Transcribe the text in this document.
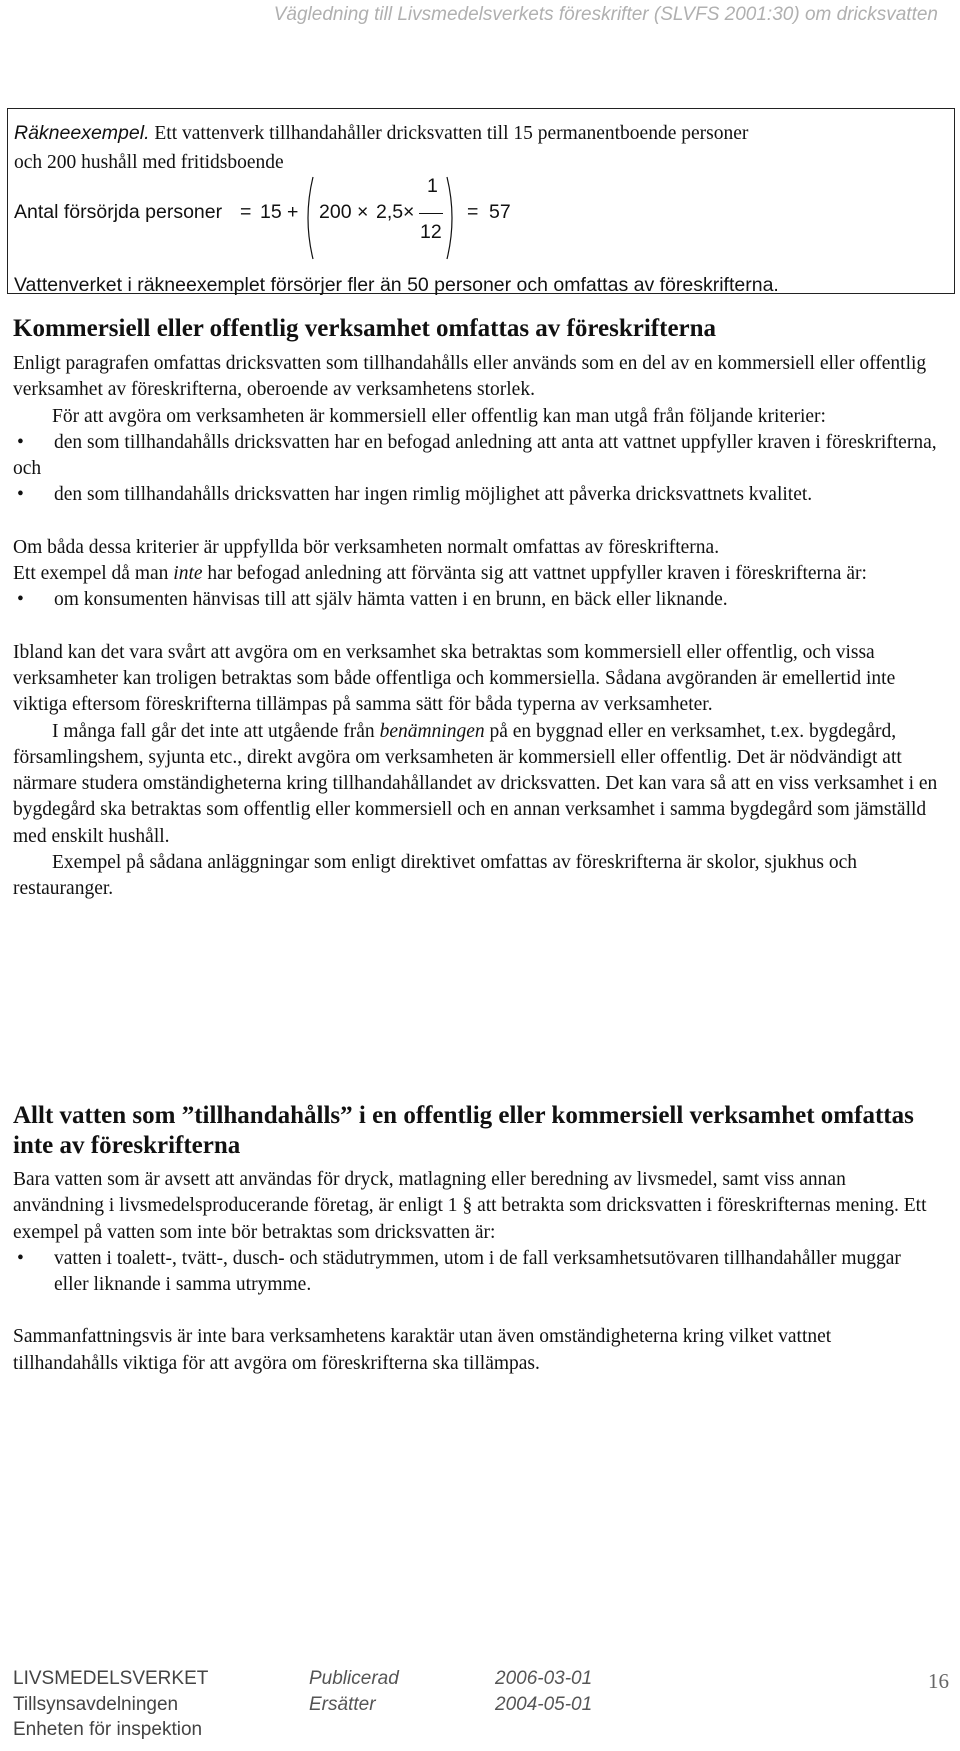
Vägledning till Livsmedelsverkets föreskrifter (SLVFS 2001:30) om dricksvatten
Räkneexempel. Ett vattenverk tillhandahåller dricksvatten till 15 permanentboende personer
och 200 hushåll med fritidsboende
Antal försörjda personer = 15 + 200 × 2,5 ×
1
12
= 57
Vattenverket i räkneexemplet försörjer fler än 50 personer och omfattas av föreskrifterna.
Kommersiell eller offentlig verksamhet omfattas av föreskrifterna

Enligt paragrafen omfattas dricksvatten som tillhandahålls eller används som en del av en kommersiell eller offentlig verksamhet av föreskrifterna, oberoende av verksamhetens storlek.

För att avgöra om verksamheten är kommersiell eller offentlig kan man utgå från följande kriterier:

• den som tillhandahålls dricksvatten har en befogad anledning att anta att vattnet uppfyller kraven i föreskrifterna,

och

• den som tillhandahålls dricksvatten har ingen rimlig möjlighet att påverka dricksvattnets kvalitet.

Om båda dessa kriterier är uppfyllda bör verksamheten normalt omfattas av föreskrifterna.

Ett exempel då man inte har befogad anledning att förvänta sig att vattnet uppfyller kraven i föreskrifterna är:

• om konsumenten hänvisas till att själv hämta vatten i en brunn, en bäck eller liknande.

Ibland kan det vara svårt att avgöra om en verksamhet ska betraktas som kommersiell eller offentlig, och vissa verksamheter kan troligen betraktas som både offentliga och kommersiella. Sådana avgöranden är emellertid inte viktiga eftersom föreskrifterna tillämpas på samma sätt för båda typerna av verksamheter.

I många fall går det inte att utgående från benämningen på en byggnad eller en verksamhet, t.ex. bygdegård, församlingshem, syjunta etc., direkt avgöra om verksamheten är kommersiell eller offentlig. Det är nödvändigt att närmare studera omständigheterna kring tillhandahållandet av dricksvatten. Det kan vara så att en viss verksamhet i en bygdegård ska betraktas som offentlig eller kommersiell och en annan verksamhet i samma bygdegård som jämställd med enskilt hushåll.

Exempel på sådana anläggningar som enligt direktivet omfattas av föreskrifterna är skolor, sjukhus och restauranger.

Allt vatten som ”tillhandahålls” i en offentlig eller kommersiell verksamhet omfattas inte av föreskrifterna

Bara vatten som är avsett att användas för dryck, matlagning eller beredning av livsmedel, samt viss annan användning i livsmedelsproducerande företag, är enligt 1 § att betrakta som dricksvatten i föreskrifternas mening. Ett exempel på vatten som inte bör betraktas som dricksvatten är:

• vatten i toalett-, tvätt-, dusch- och städutrymmen, utom i de fall verksamhetsutövaren tillhandahåller muggar eller liknande i samma utrymme.

Sammanfattningsvis är inte bara verksamhetens karaktär utan även omständigheterna kring vilket vattnet tillhandahålls viktiga för att avgöra om föreskrifterna ska tillämpas.

LIVSMEDELSVERKET
Tillsynsavdelningen
Enheten för inspektion
Publicerad
Ersätter
2006-03-01
2004-05-01
16
